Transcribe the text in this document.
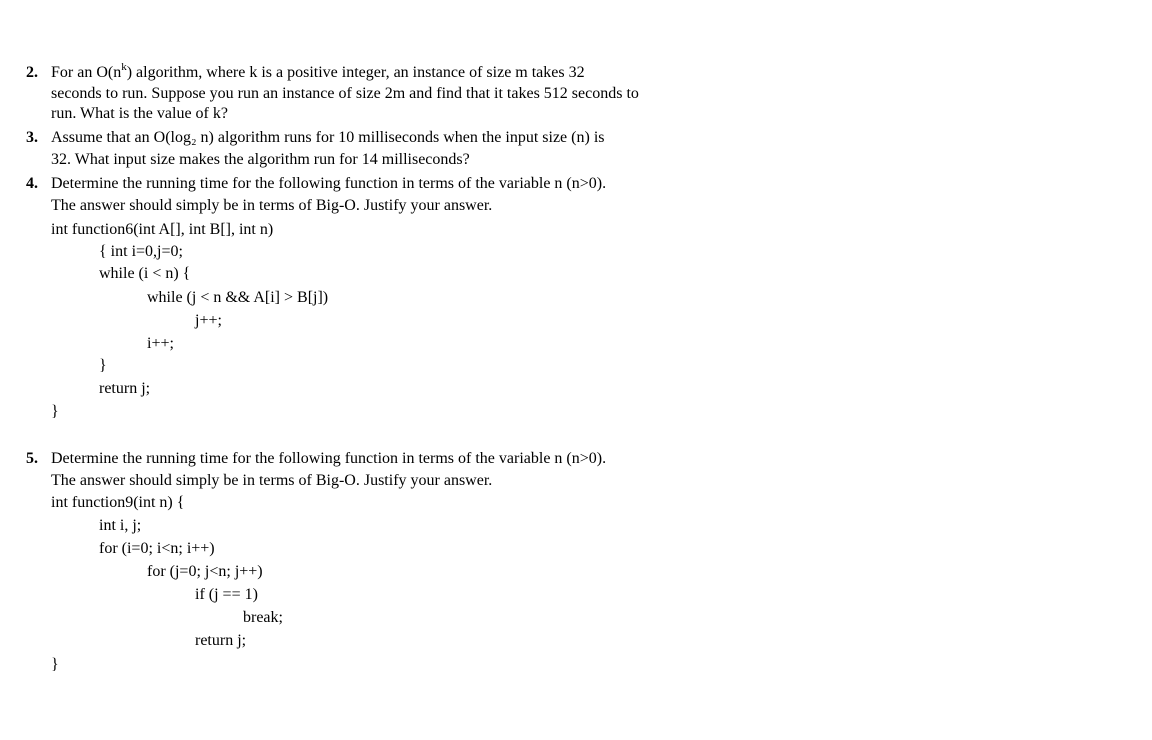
2. For an $O(n^k)$ algorithm, where k is a positive integer, an instance of size m takes 32
seconds to run. Suppose you run an instance of size 2m and find that it takes 512 seconds to
run. What is the value of k?
3. Assume that an O(log₂ n) algorithm runs for 10 milliseconds when the input size (n) is
32. What input size makes the algorithm run for 14 milliseconds?
4. Determine the running time for the following function in terms of the variable n (n>0).
The answer should simply be in terms of Big-O. Justify your answer.
int function6(int A[], int B[], int n)
{ int i=0,j=0;
while (i < n) {
while (j < n && A[i] > B[j])
j++;
i++;
}
return j;
}
5. Determine the running time for the following function in terms of the variable n (n>0).
The answer should simply be in terms of Big-O. Justify your answer.
int function9(int n) {
int i, j;
for (i=0; i<n; i++)
for (j=0; j<n; j++)
if (j == 1)
break;
return j;
}
